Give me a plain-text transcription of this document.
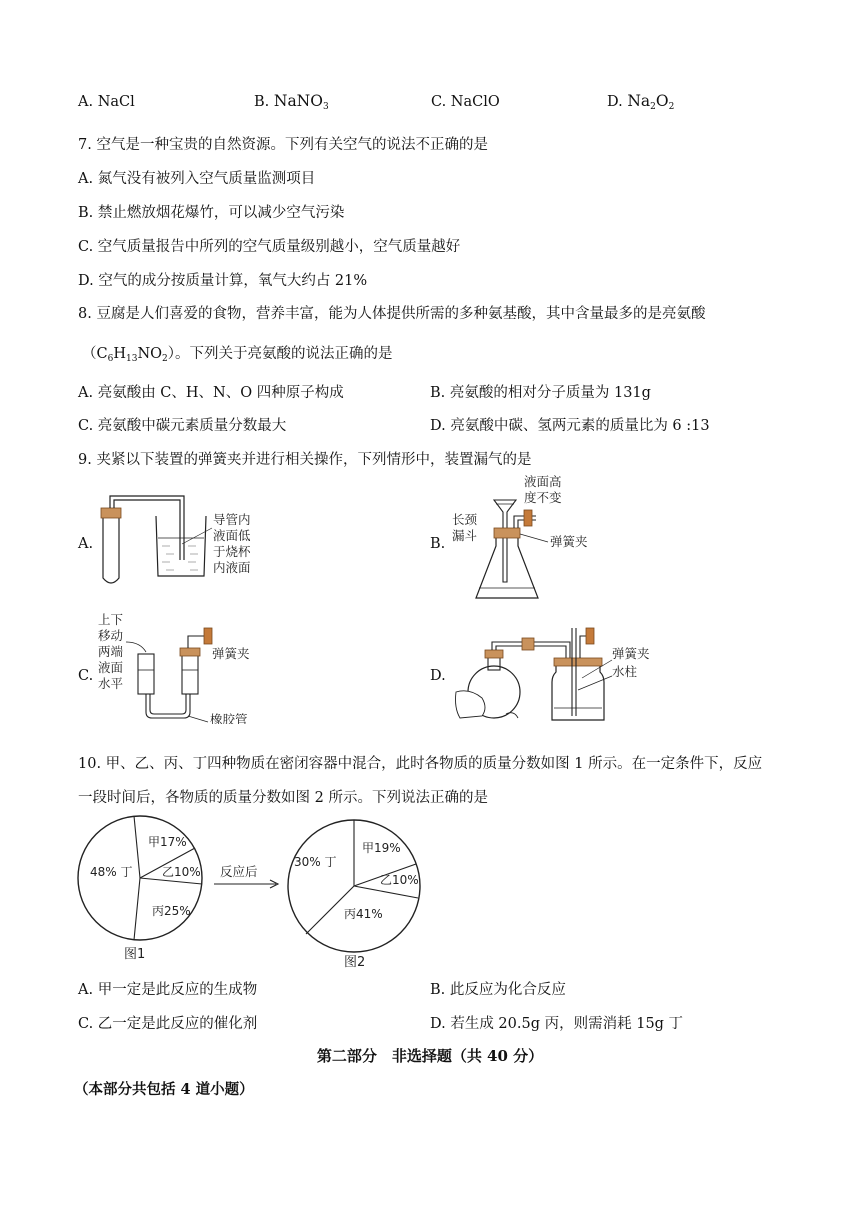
A. NaCl	B. NaNO$_3$	C. NaClO	D. $Na_2O_2$
7. 空气是一种宝贵的自然资源。下列有关空气的说法不正确的是
A. 氮气没有被列入空气质量监测项目
B. 禁止燃放烟花爆竹，可以减少空气污染
C. 空气质量报告中所列的空气质量级别越小，空气质量越好
D. 空气的成分按质量计算，氧气大约占 21%
8. 豆腐是人们喜爱的食物，营养丰富，能为人体提供所需的多种氨基酸，其中含量最多的是亮氨酸
$(C_6H_{13}NO_2)$。下列关于亮氨酸的说法正确的是
A. 亮氨酸由 C、H、N、O 四种原子构成	B. 亮氨酸的相对分子质量为 131g
C. 亮氨酸中碳元素质量分数最大	D. 亮氨酸中碳、氢两元素的质量比为 6 :13
9. 夹紧以下装置的弹簧夹并进行相关操作，下列情形中，装置漏气的是
A.
导管内
液面低
于烧杯
内液面
B.
液面高
度不变
长颈
漏斗	弹簧夹
C.
上下
移动
两端
液面
水平
弹簧夹
橡胶管
D.
弹簧夹
水柱
10. 甲、乙、丙、丁四种物质在密闭容器中混合，此时各物质的质量分数如图 1 所示。在一定条件下，反应
一段时间后，各物质的质量分数如图 2 所示。下列说法正确的是
甲17%
乙10%
丙25%
48% 丁
图1
反应后
甲19%
乙10%
丙41%
30% 丁
图2
A. 甲一定是此反应的生成物	B. 此反应为化合反应
C. 乙一定是此反应的催化剂	D. 若生成 20.5g 丙，则需消耗 15g 丁
第二部分　非选择题（共 40 分）
（本部分共包括 4 道小题）
